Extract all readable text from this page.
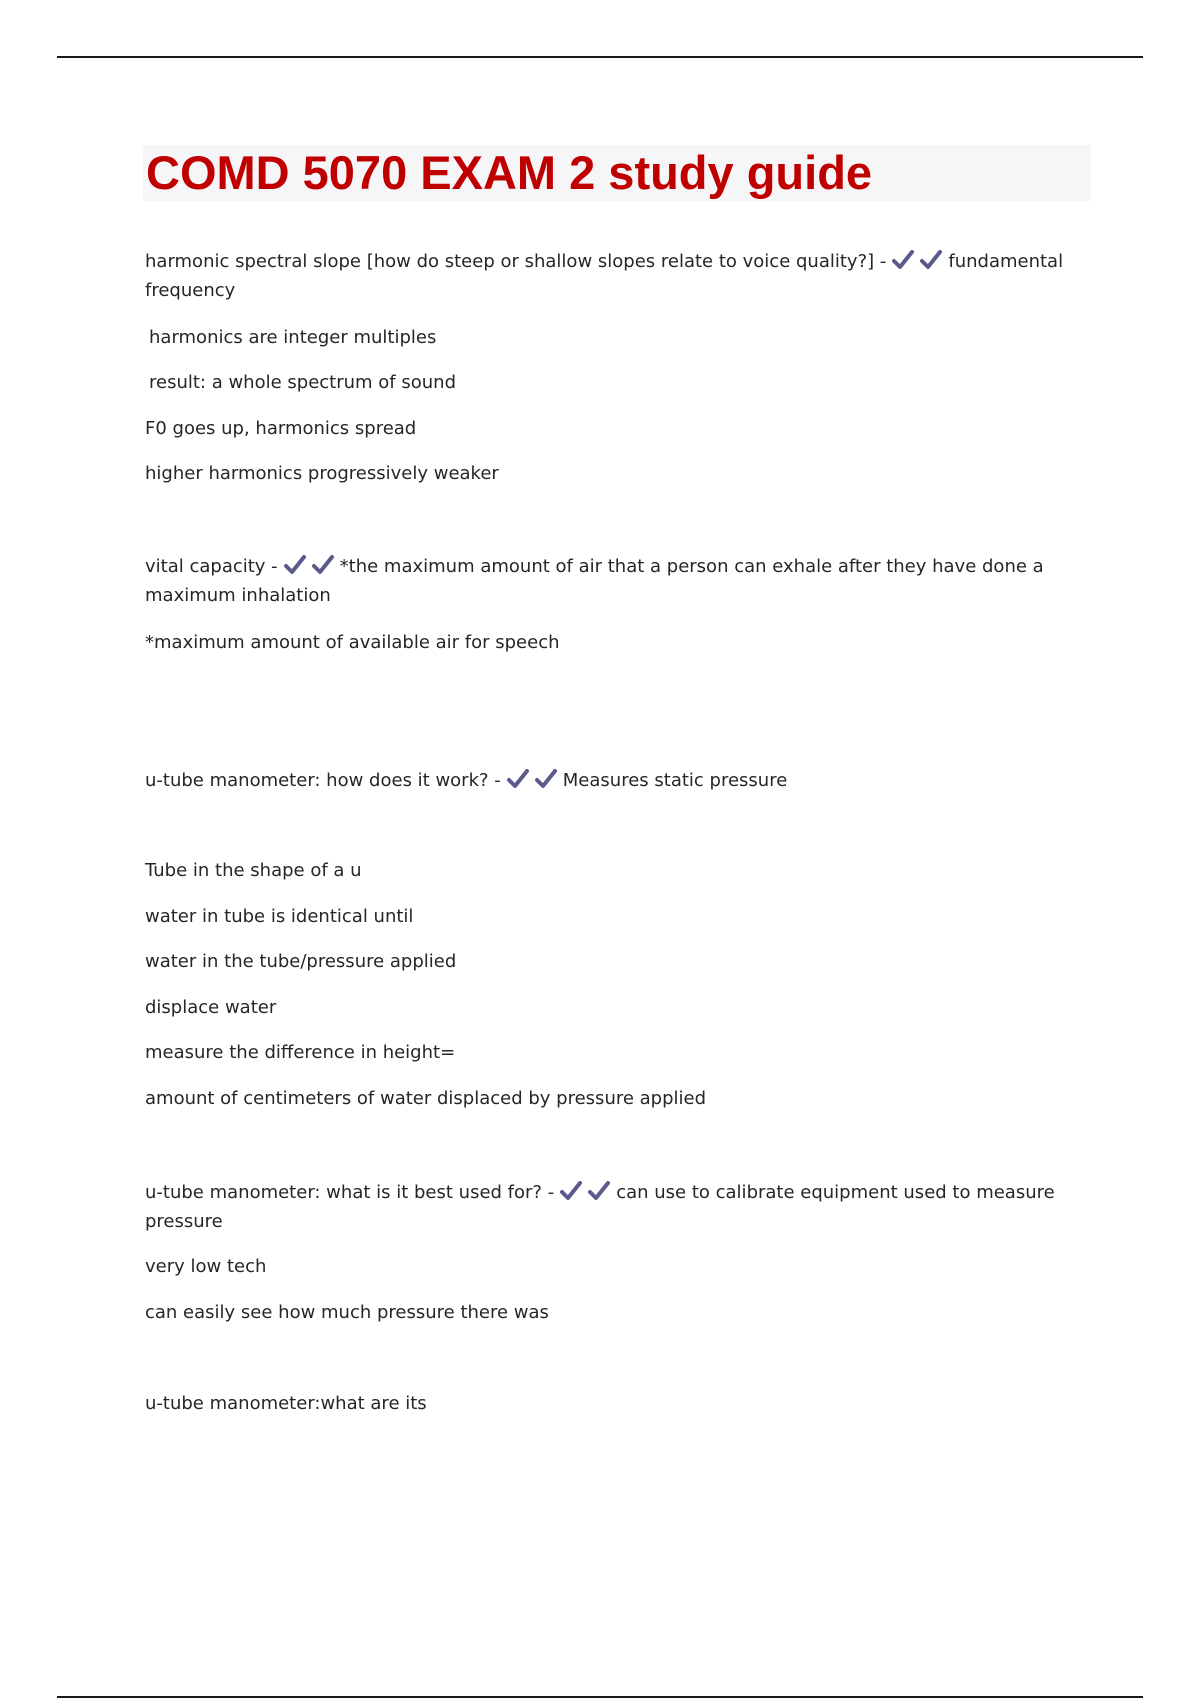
COMD 5070 EXAM 2 study guide

harmonic spectral slope [how do steep or shallow slopes relate to voice quality?] -	fundamental

frequency

harmonics are integer multiples

result: a whole spectrum of sound

F0 goes up, harmonics spread

higher harmonics progressively weaker

vital capacity -	*the maximum amount of air that a person can exhale after they have done a

maximum inhalation

*maximum amount of available air for speech

u-tube manometer: how does it work? -	Measures static pressure

Tube in the shape of a u

water in tube is identical until

water in the tube/pressure applied

displace water

measure the difference in height=

amount of centimeters of water displaced by pressure applied

u-tube manometer: what is it best used for? -	can use to calibrate equipment used to measure

pressure

very low tech

can easily see how much pressure there was

u-tube manometer:what are its
